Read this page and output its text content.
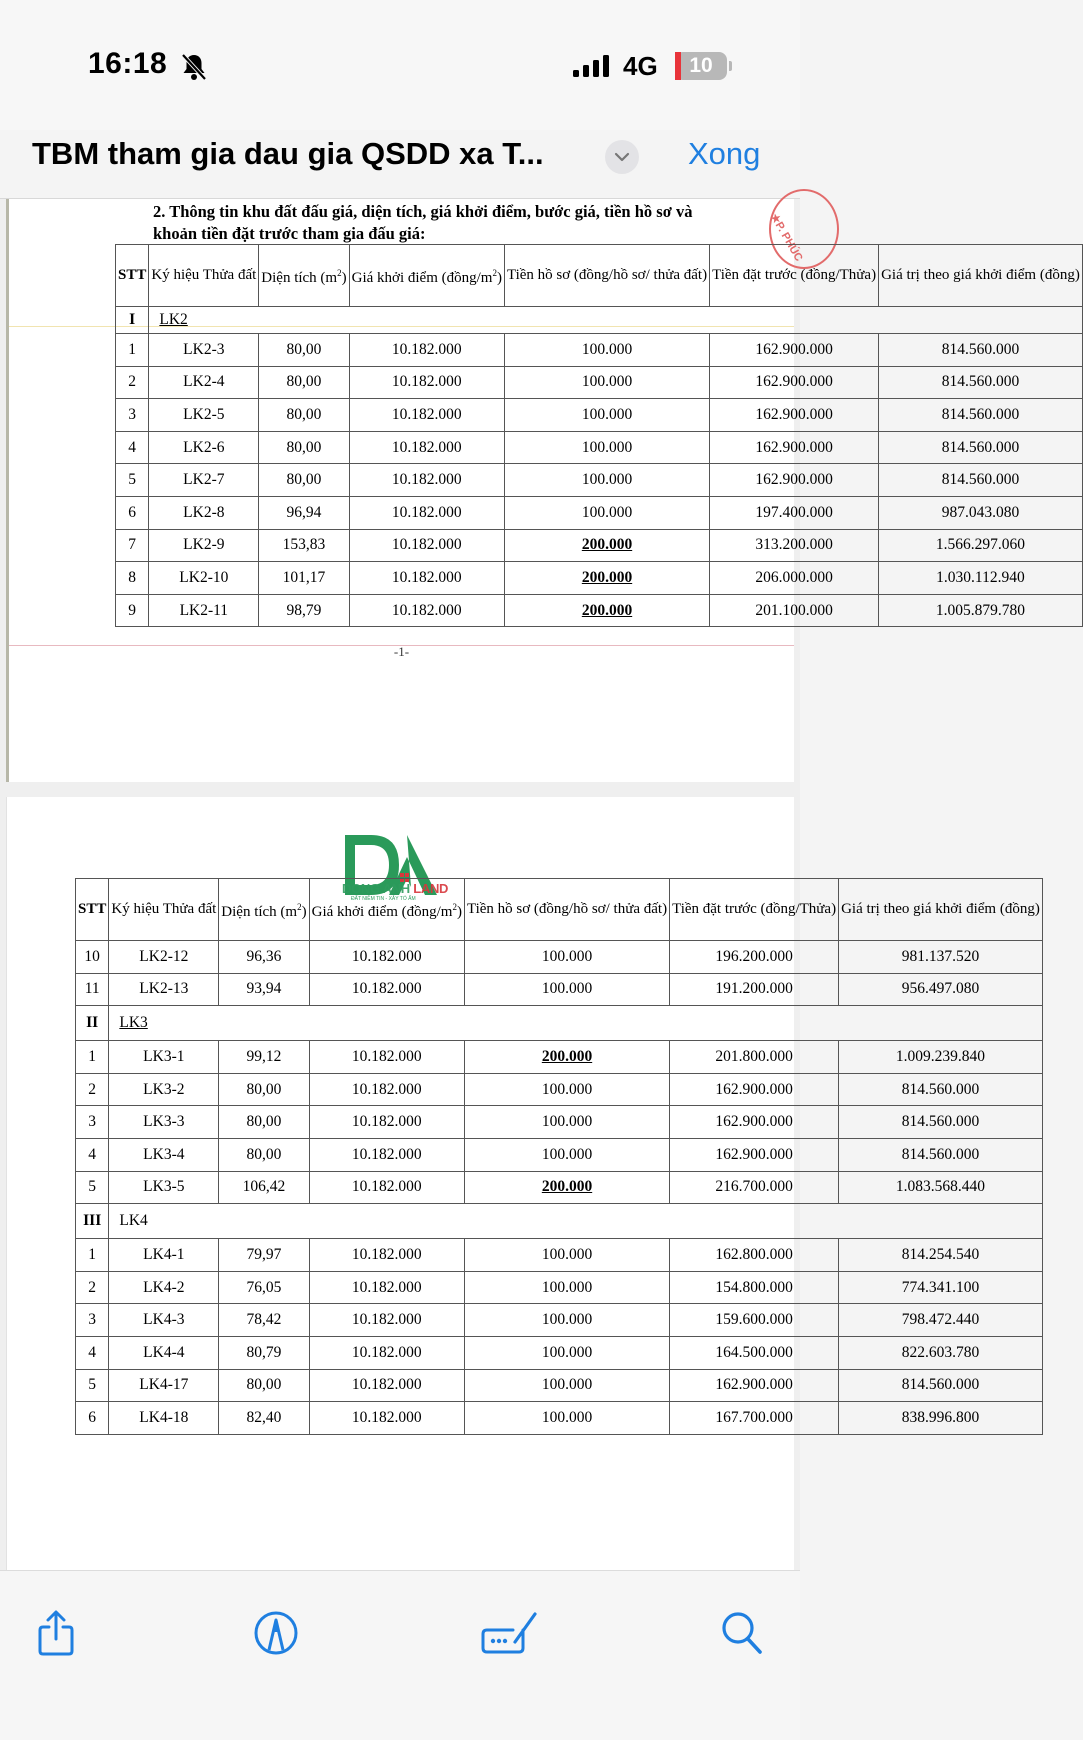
16:18	4G	10
TBM tham gia dau gia QSDD xa T...	Xong
2. Thông tin khu đất đấu giá, diện tích, giá khởi điểm, bước giá, tiền hồ sơ và khoản tiền đặt trước tham gia đấu giá:	★P. PHÚC
STT	Ký hiệu Thửa đất	Diện tích $(m^2)$	Giá khởi điểm $(đồng/m^2)$	Tiền hồ sơ (đồng/hồ sơ/ thửa đất)	Tiền đặt trước (đồng/Thửa)	Giá trị theo giá khởi điểm (đồng)
I	LK2					
1	LK2-3	80,00	10.182.000	100.000	162.900.000	814.560.000
2	LK2-4	80,00	10.182.000	100.000	162.900.000	814.560.000
3	LK2-5	80,00	10.182.000	100.000	162.900.000	814.560.000
4	LK2-6	80,00	10.182.000	100.000	162.900.000	814.560.000
5	LK2-7	80,00	10.182.000	100.000	162.900.000	814.560.000
6	LK2-8	96,94	10.182.000	100.000	197.400.000	987.043.080
7	LK2-9	153,83	10.182.000	200.000	313.200.000	1.566.297.060
8	LK2-10	101,17	10.182.000	200.000	206.000.000	1.030.112.940
9	LK2-11	98,79	10.182.000	200.000	201.100.000	1.005.879.780
-1-
DONG ANH LAND
ĐẤT NIỀM TIN - XÂY TỔ ẤM
STT	Ký hiệu Thửa đất	Diện tích $(m^2)$	Giá khởi điểm $(đồng/m^2)$	Tiền hồ sơ (đồng/hồ sơ/ thửa đất)	Tiền đặt trước (đồng/Thửa)	Giá trị theo giá khởi điểm (đồng)
10	LK2-12	96,36	10.182.000	100.000	196.200.000	981.137.520
11	LK2-13	93,94	10.182.000	100.000	191.200.000	956.497.080
II	LK3					
1	LK3-1	99,12	10.182.000	200.000	201.800.000	1.009.239.840
2	LK3-2	80,00	10.182.000	100.000	162.900.000	814.560.000
3	LK3-3	80,00	10.182.000	100.000	162.900.000	814.560.000
4	LK3-4	80,00	10.182.000	100.000	162.900.000	814.560.000
5	LK3-5	106,42	10.182.000	200.000	216.700.000	1.083.568.440
III	LK4					
1	LK4-1	79,97	10.182.000	100.000	162.800.000	814.254.540
2	LK4-2	76,05	10.182.000	100.000	154.800.000	774.341.100
3	LK4-3	78,42	10.182.000	100.000	159.600.000	798.472.440
4	LK4-4	80,79	10.182.000	100.000	164.500.000	822.603.780
5	LK4-17	80,00	10.182.000	100.000	162.900.000	814.560.000
6	LK4-18	82,40	10.182.000	100.000	167.700.000	838.996.800
